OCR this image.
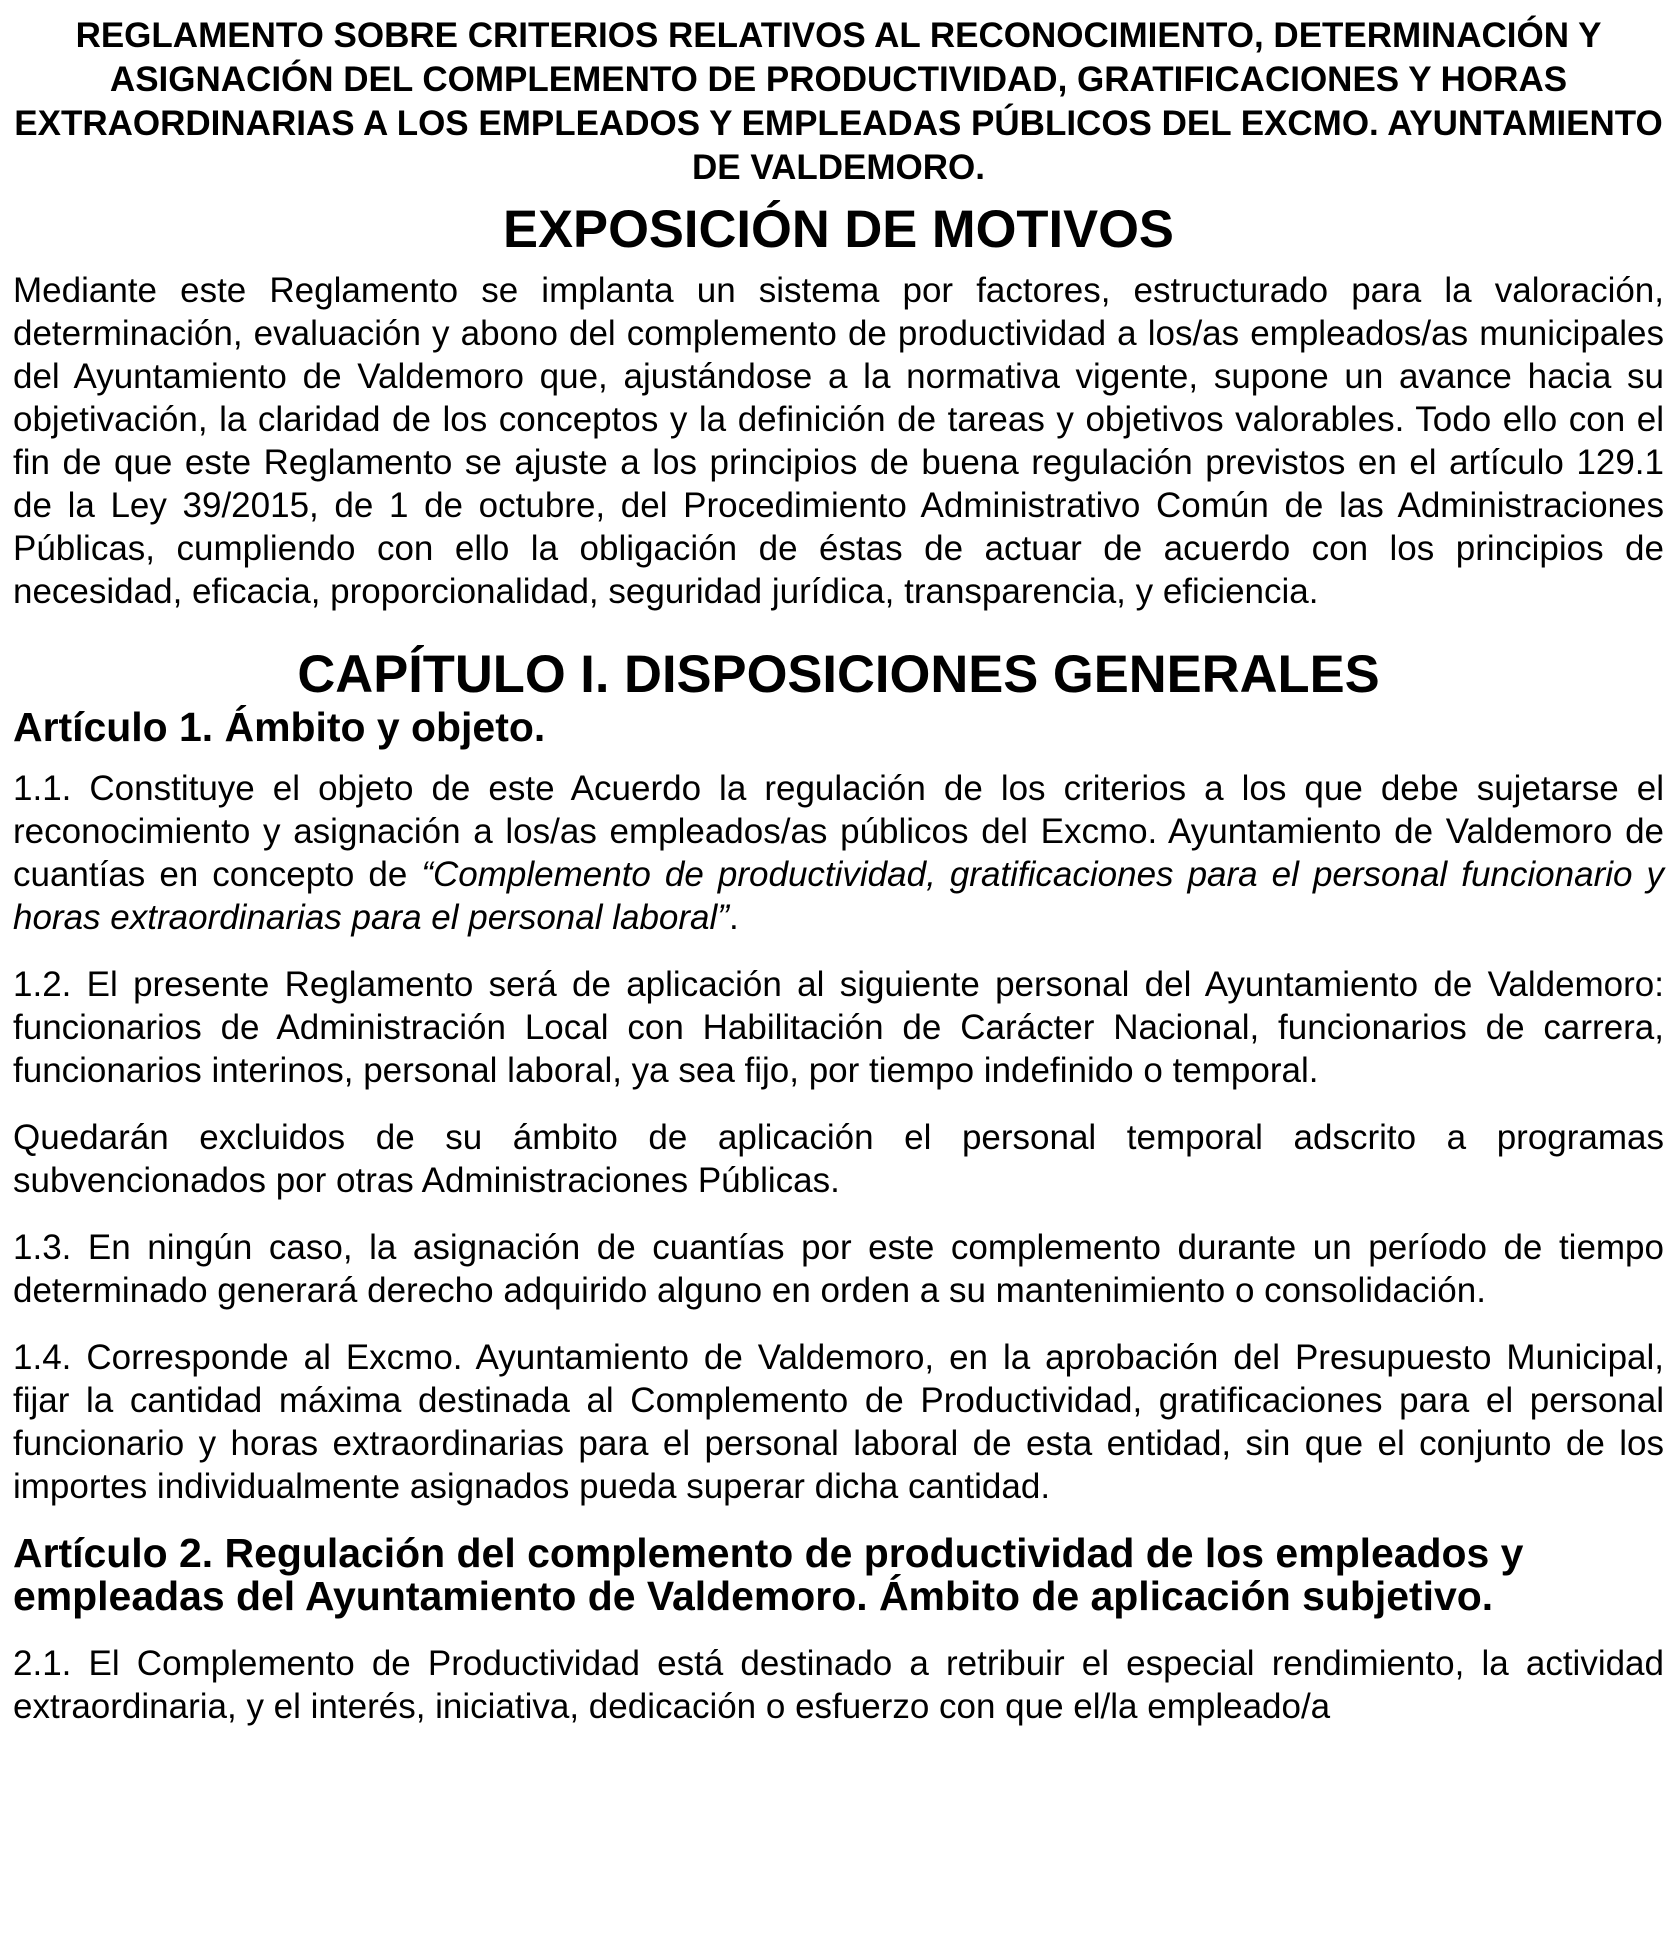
REGLAMENTO SOBRE CRITERIOS RELATIVOS AL RECONOCIMIENTO, DETERMINACIÓN Y ASIGNACIÓN DEL COMPLEMENTO DE PRODUCTIVIDAD, GRATIFICACIONES Y HORAS EXTRAORDINARIAS A LOS EMPLEADOS Y EMPLEADAS PÚBLICOS DEL EXCMO. AYUNTAMIENTO DE VALDEMORO.
EXPOSICIÓN DE MOTIVOS

Mediante este Reglamento se implanta un sistema por factores, estructurado para la valoración, determinación, evaluación y abono del complemento de productividad a los/as empleados/as municipales del Ayuntamiento de Valdemoro que, ajustándose a la normativa vigente, supone un avance hacia su objetivación, la claridad de los conceptos y la definición de tareas y objetivos valorables. Todo ello con el fin de que este Reglamento se ajuste a los principios de buena regulación previstos en el artículo 129.1 de la Ley 39/2015, de 1 de octubre, del Procedimiento Administrativo Común de las Administraciones Públicas, cumpliendo con ello la obligación de éstas de actuar de acuerdo con los principios de necesidad, eficacia, proporcionalidad, seguridad jurídica, transparencia, y eficiencia.

CAPÍTULO I. DISPOSICIONES GENERALES
Artículo 1. Ámbito y objeto.

1.1. Constituye el objeto de este Acuerdo la regulación de los criterios a los que debe sujetarse el reconocimiento y asignación a los/as empleados/as públicos del Excmo. Ayuntamiento de Valdemoro de cuantías en concepto de “Complemento de productividad, gratificaciones para el personal funcionario y horas extraordinarias para el personal laboral”.

1.2. El presente Reglamento será de aplicación al siguiente personal del Ayuntamiento de Valdemoro: funcionarios de Administración Local con Habilitación de Carácter Nacional, funcionarios de carrera, funcionarios interinos, personal laboral, ya sea fijo, por tiempo indefinido o temporal.

Quedarán excluidos de su ámbito de aplicación el personal temporal adscrito a programas subvencionados por otras Administraciones Públicas.

1.3. En ningún caso, la asignación de cuantías por este complemento durante un período de tiempo determinado generará derecho adquirido alguno en orden a su mantenimiento o consolidación.

1.4. Corresponde al Excmo. Ayuntamiento de Valdemoro, en la aprobación del Presupuesto Municipal, fijar la cantidad máxima destinada al Complemento de Productividad, gratificaciones para el personal funcionario y horas extraordinarias para el personal laboral de esta entidad, sin que el conjunto de los importes individualmente asignados pueda superar dicha cantidad.

Artículo 2. Regulación del complemento de productividad de los empleados y empleadas del Ayuntamiento de Valdemoro. Ámbito de aplicación subjetivo.

2.1. El Complemento de Productividad está destinado a retribuir el especial rendimiento, la actividad extraordinaria, y el interés, iniciativa, dedicación o esfuerzo con que el/la empleado/a
